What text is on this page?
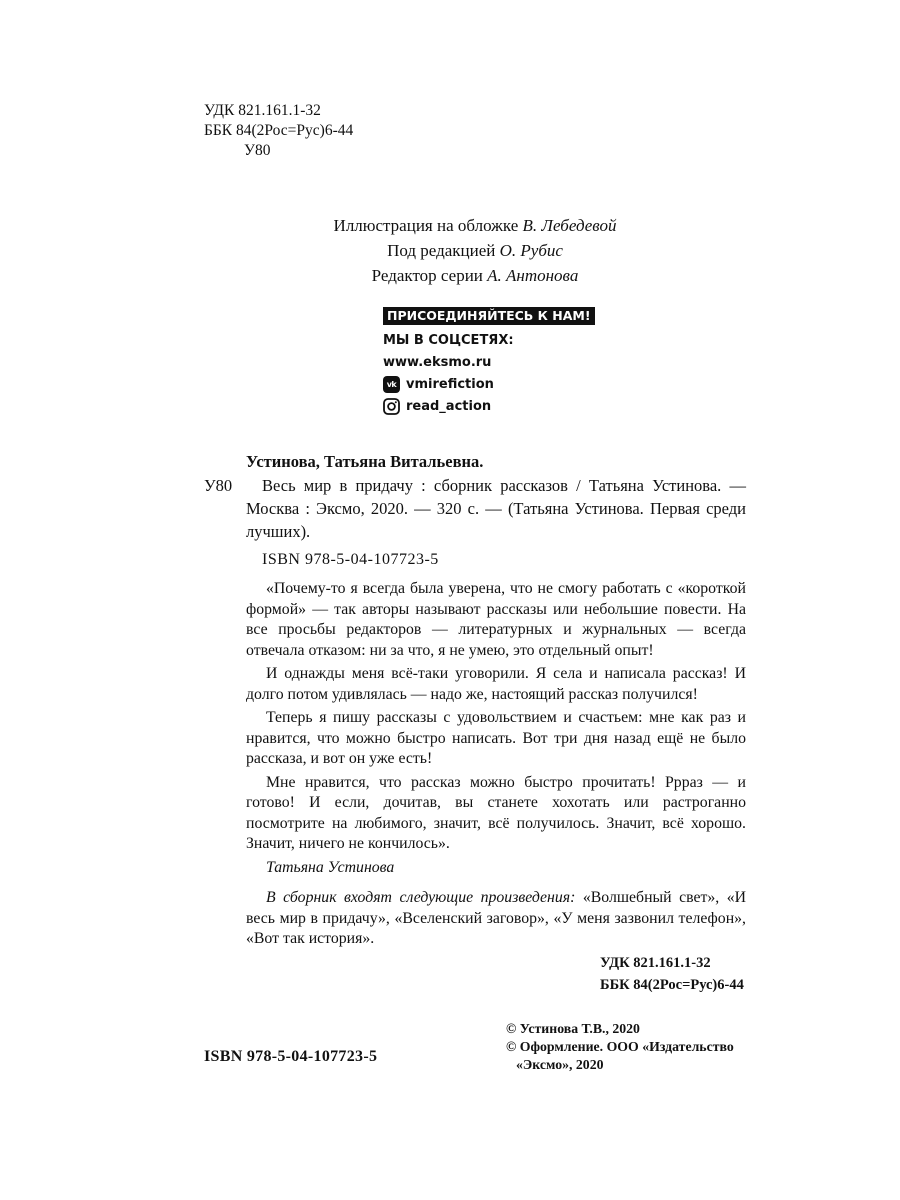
УДК 821.161.1-32
ББК 84(2Рос=Рус)6-44
У80
Иллюстрация на обложке В. Лебедевой
Под редакцией О. Рубис
Редактор серии А. Антонова
ПРИСОЕДИНЯЙТЕСЬ К НАМ!
МЫ В СОЦСЕТЯХ:
www.eksmo.ru
vk vmirefiction
read_action
Устинова, Татьяна Витальевна.
У80	Весь мир в придачу : сборник рассказов / Татьяна Устинова. — Москва : Эксмо, 2020. — 320 с. — (Татьяна Устинова. Первая среди лучших).

ISBN 978-5-04-107723-5

«Почему-то я всегда была уверена, что не смогу работать с «короткой формой» — так авторы называют рассказы или небольшие повести. На все просьбы редакторов — литературных и журнальных — всегда отвечала отказом: ни за что, я не умею, это отдельный опыт!

И однажды меня всё-таки уговорили. Я села и написала рассказ! И долго потом удивлялась — надо же, настоящий рассказ получился!

Теперь я пишу рассказы с удовольствием и счастьем: мне как раз и нравится, что можно быстро написать. Вот три дня назад ещё не было рассказа, и вот он уже есть!

Мне нравится, что рассказ можно быстро прочитать! Рррaз — и готово! И если, дочитав, вы станете хохотать или растроганно посмотрите на любимого, значит, всё получилось. Значит, всё хорошо. Значит, ничего не кончилось».

Татьяна Устинова

В сборник входят следующие произведения: «Волшебный свет», «И весь мир в придачу», «Вселенский заговор», «У меня зазвонил телефон», «Вот так история».

УДК 821.161.1-32
ББК 84(2Рос=Рус)6-44
© Устинова Т.В., 2020
© Оформление. ООО «Издательство
«Эксмо», 2020
ISBN 978-5-04-107723-5
